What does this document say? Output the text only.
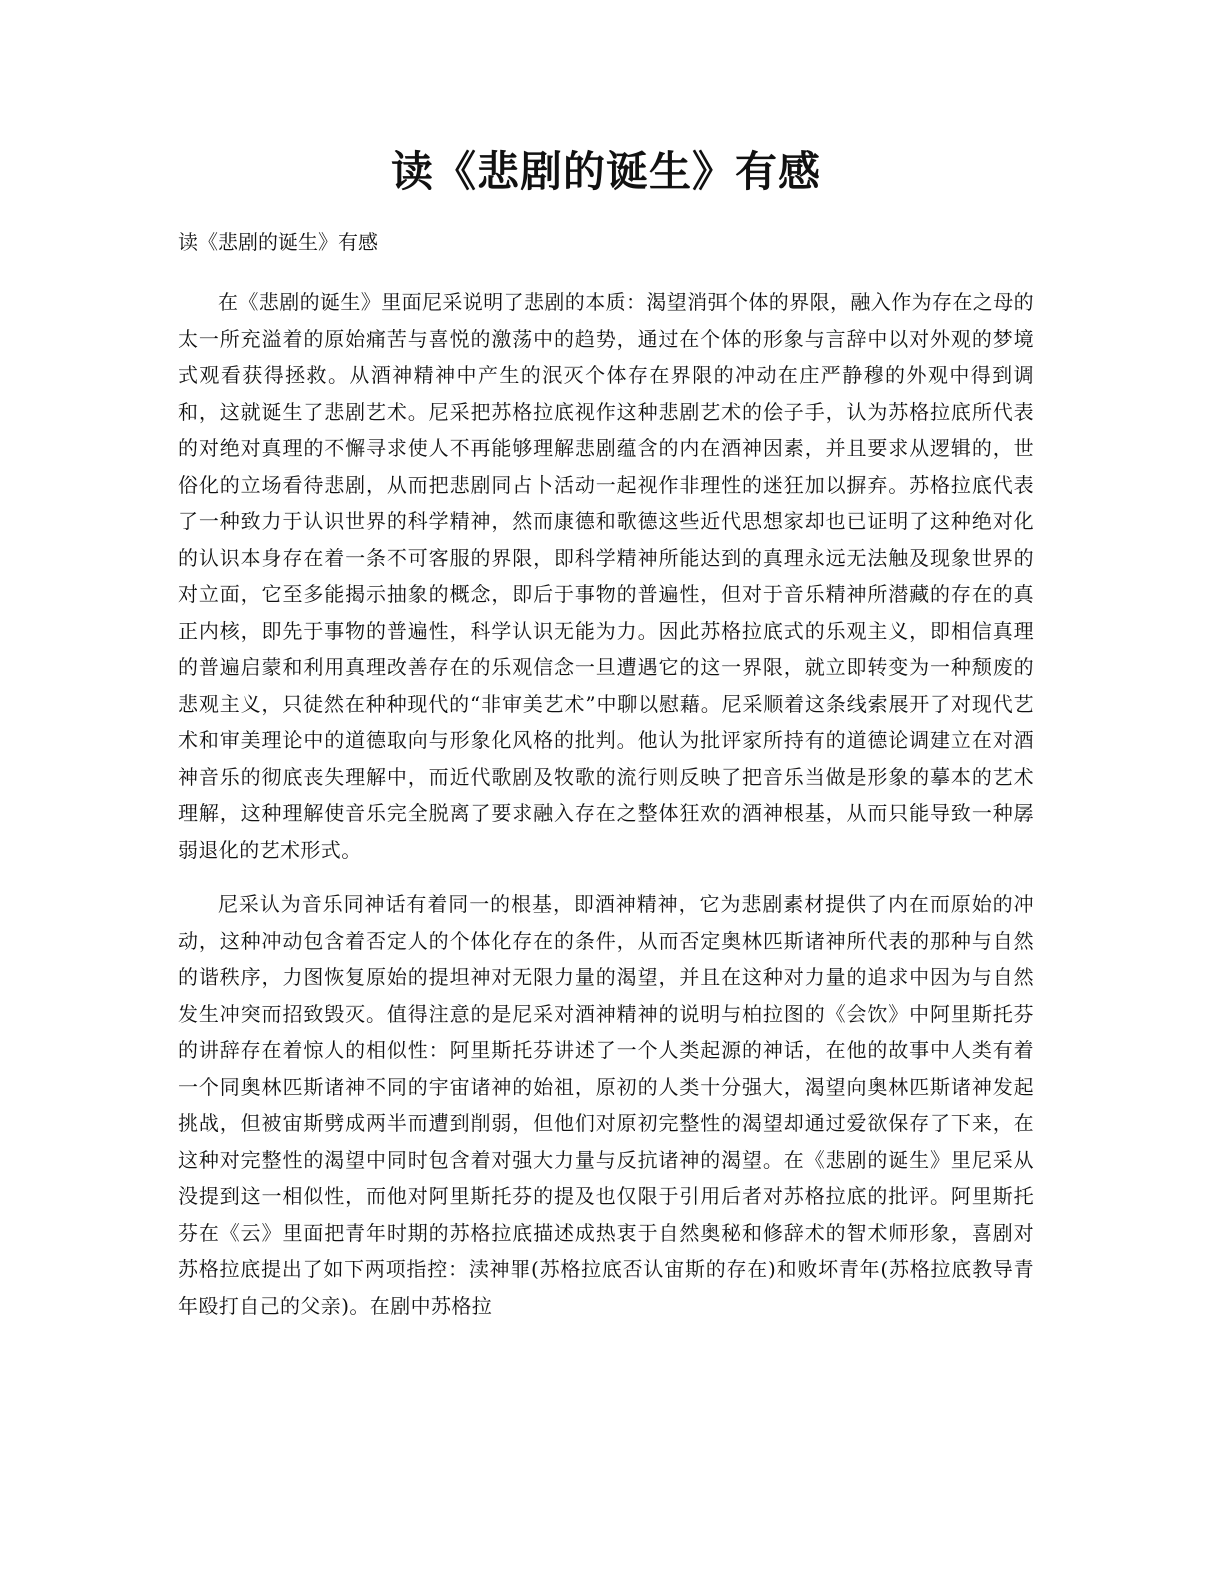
读《悲剧的诞生》有感

读《悲剧的诞生》有感

在《悲剧的诞生》里面尼采说明了悲剧的本质：渴望消弭个体的界限，融入作为存在之母的太一所充溢着的原始痛苦与喜悦的激荡中的趋势，通过在个体的形象与言辞中以对外观的梦境式观看获得拯救。从酒神精神中产生的泯灭个体存在界限的冲动在庄严静穆的外观中得到调和，这就诞生了悲剧艺术。尼采把苏格拉底视作这种悲剧艺术的侩子手，认为苏格拉底所代表的对绝对真理的不懈寻求使人不再能够理解悲剧蕴含的内在酒神因素，并且要求从逻辑的，世俗化的立场看待悲剧，从而把悲剧同占卜活动一起视作非理性的迷狂加以摒弃。苏格拉底代表了一种致力于认识世界的科学精神，然而康德和歌德这些近代思想家却也已证明了这种绝对化的认识本身存在着一条不可客服的界限，即科学精神所能达到的真理永远无法触及现象世界的对立面，它至多能揭示抽象的概念，即后于事物的普遍性，但对于音乐精神所潜藏的存在的真正内核，即先于事物的普遍性，科学认识无能为力。因此苏格拉底式的乐观主义，即相信真理的普遍启蒙和利用真理改善存在的乐观信念一旦遭遇它的这一界限，就立即转变为一种颓废的悲观主义，只徒然在种种现代的“非审美艺术”中聊以慰藉。尼采顺着这条线索展开了对现代艺术和审美理论中的道德取向与形象化风格的批判。他认为批评家所持有的道德论调建立在对酒神音乐的彻底丧失理解中，而近代歌剧及牧歌的流行则反映了把音乐当做是形象的摹本的艺术理解，这种理解使音乐完全脱离了要求融入存在之整体狂欢的酒神根基，从而只能导致一种孱弱退化的艺术形式。

尼采认为音乐同神话有着同一的根基，即酒神精神，它为悲剧素材提供了内在而原始的冲动，这种冲动包含着否定人的个体化存在的条件，从而否定奥林匹斯诸神所代表的那种与自然的谐秩序，力图恢复原始的提坦神对无限力量的渴望，并且在这种对力量的追求中因为与自然发生冲突而招致毁灭。值得注意的是尼采对酒神精神的说明与柏拉图的《会饮》中阿里斯托芬的讲辞存在着惊人的相似性：阿里斯托芬讲述了一个人类起源的神话，在他的故事中人类有着一个同奥林匹斯诸神不同的宇宙诸神的始祖，原初的人类十分强大，渴望向奥林匹斯诸神发起挑战，但被宙斯劈成两半而遭到削弱，但他们对原初完整性的渴望却通过爱欲保存了下来，在这种对完整性的渴望中同时包含着对强大力量与反抗诸神的渴望。在《悲剧的诞生》里尼采从没提到这一相似性，而他对阿里斯托芬的提及也仅限于引用后者对苏格拉底的批评。阿里斯托芬在《云》里面把青年时期的苏格拉底描述成热衷于自然奥秘和修辞术的智术师形象，喜剧对苏格拉底提出了如下两项指控：渎神罪(苏格拉底否认宙斯的存在)和败坏青年(苏格拉底教导青年殴打自己的父亲)。在剧中苏格拉
